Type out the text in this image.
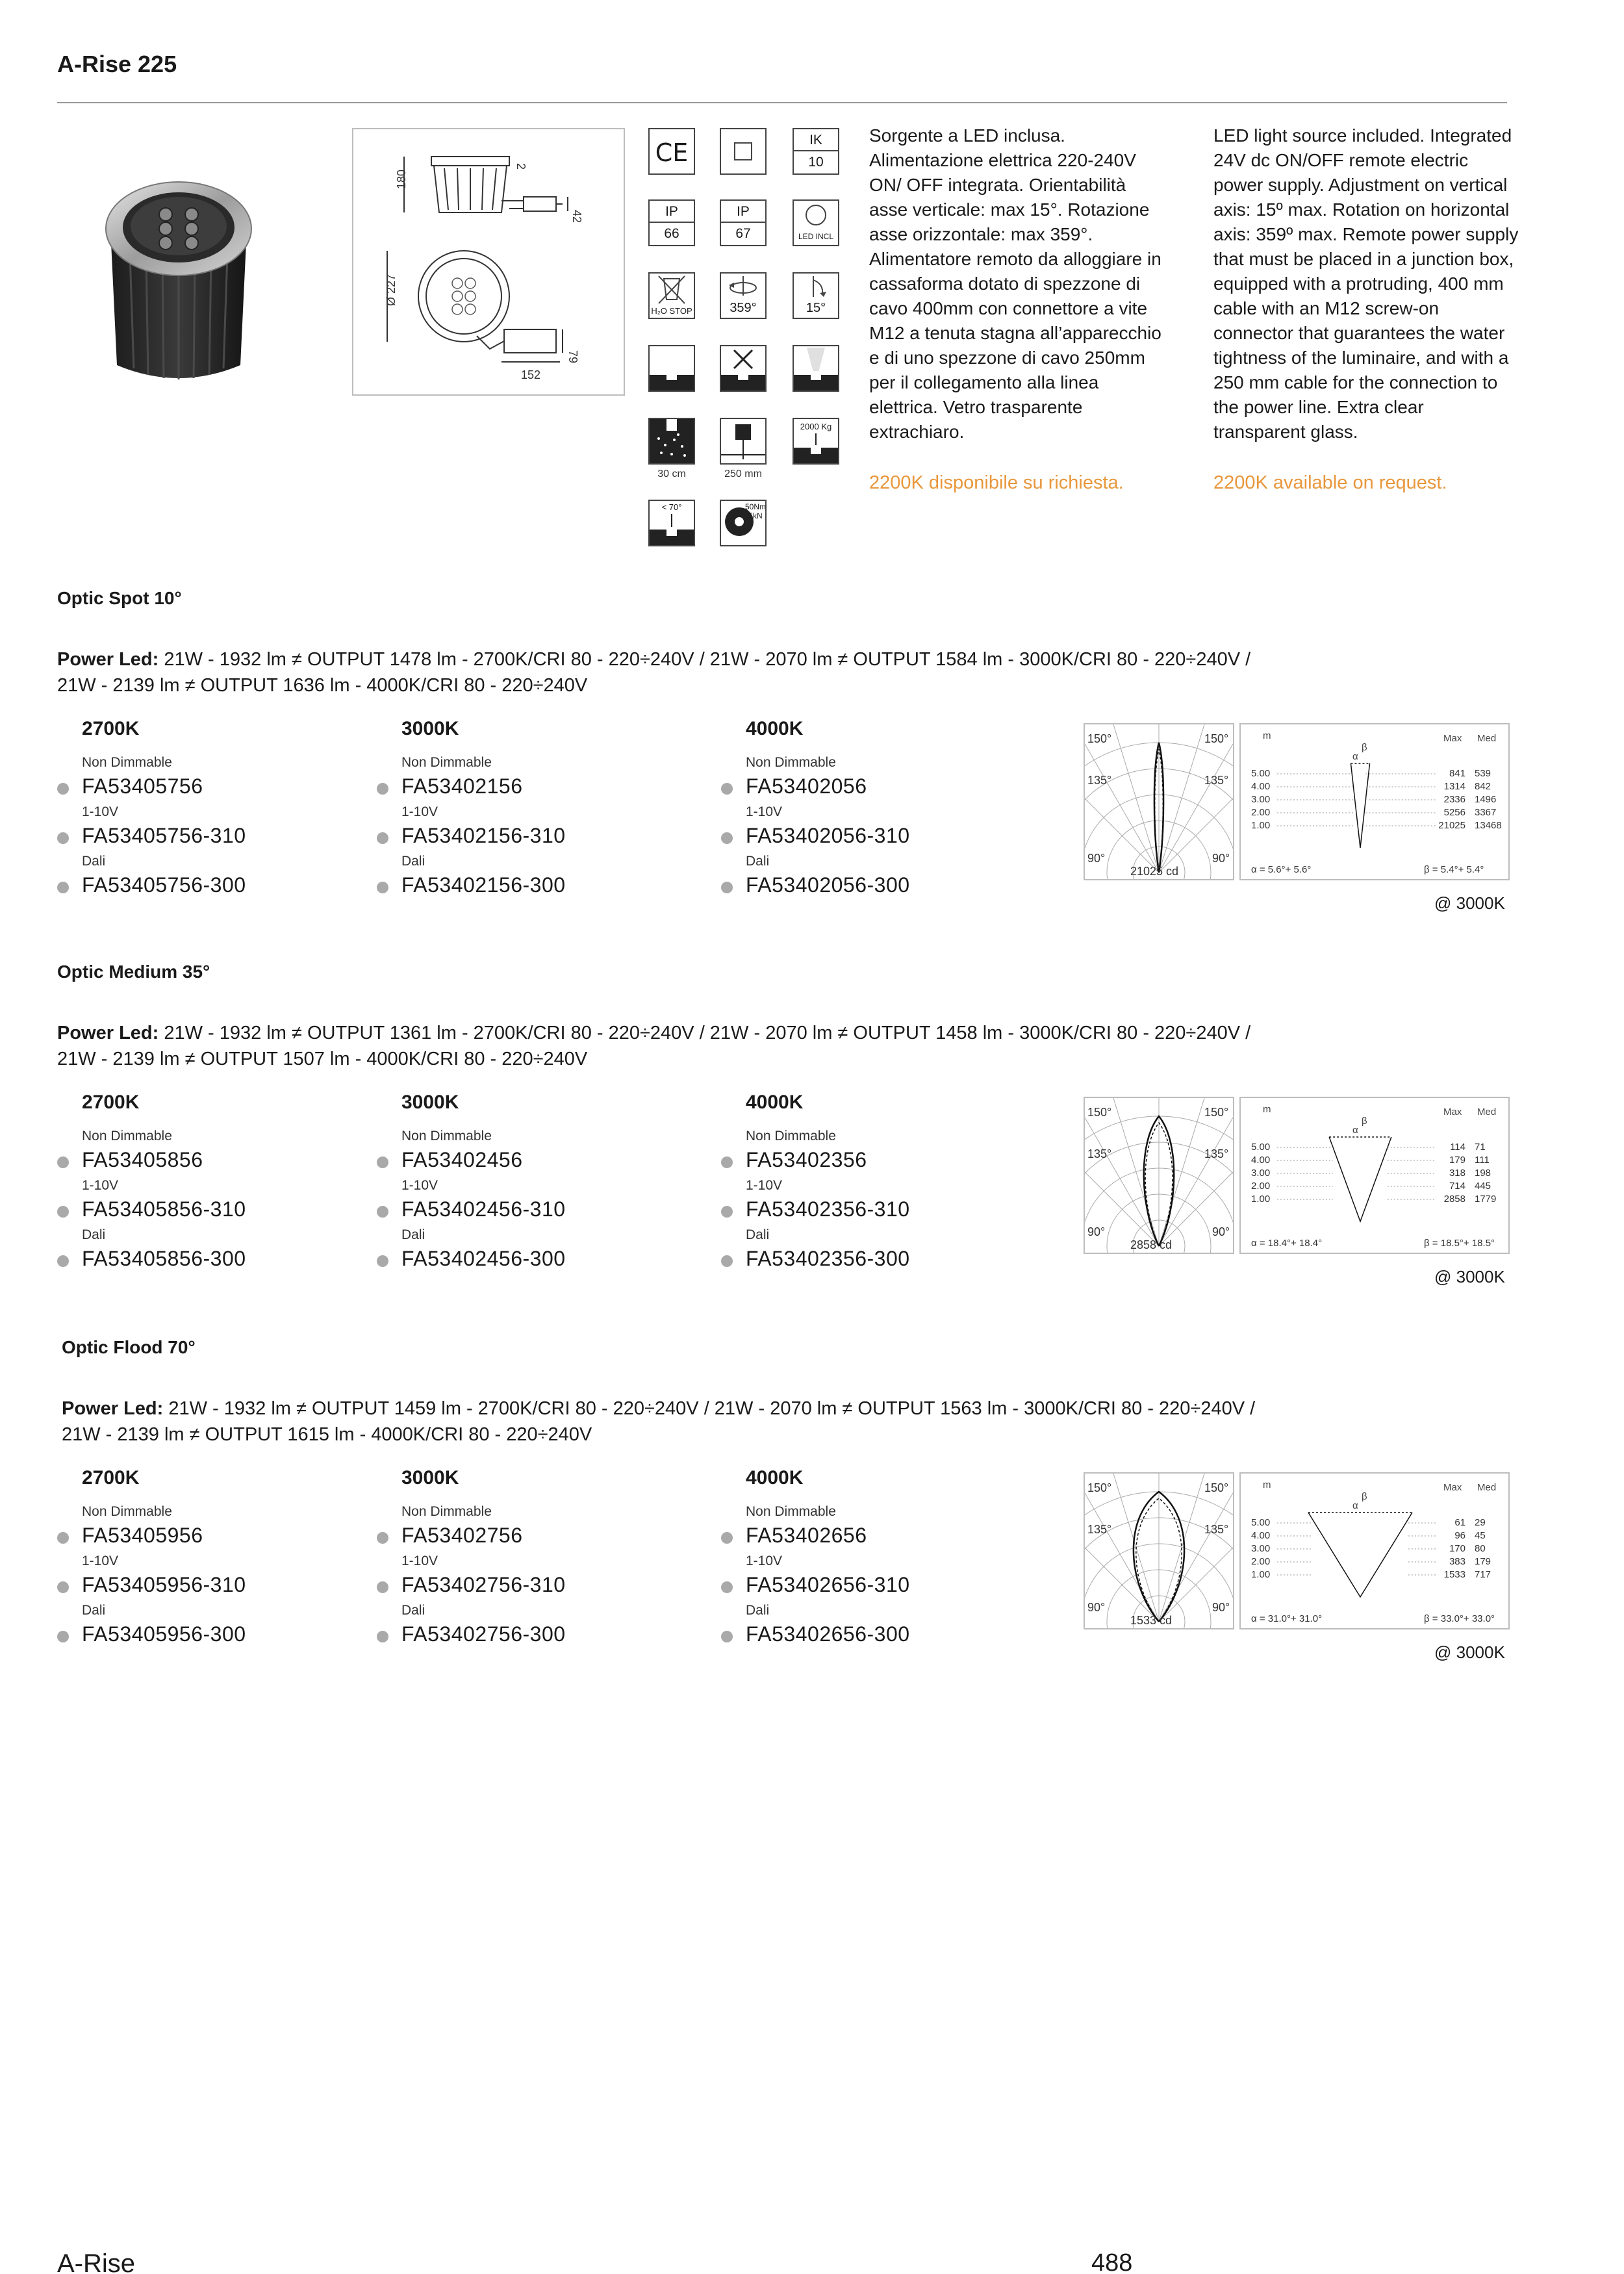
A-Rise 225
180
2
42
Ø 227
79
152
CE	IK
10
IP
66
IP
67	LED INCL
H₂O STOP	359°	15°
30 cm	250 mm
2000 Kg
< 70°	50Nm
5kN
Sorgente a LED inclusa. Alimentazione elettrica 220-240V ON/ OFF integrata. Orientabilità asse verticale: max 15°. Rotazione asse orizzontale: max 359°. Alimentatore remoto da alloggiare in cassaforma dotato di spezzone di cavo 400mm con connettore a vite M12 a tenuta stagna all’apparecchio e di uno spezzone di cavo 250mm per il collegamento alla linea elettrica. Vetro trasparente extrachiaro.
2200K disponibile su richiesta.
LED light source included. Integrated 24V dc ON/OFF remote electric power supply. Adjustment on vertical axis: 15º max. Rotation on horizontal axis: 359º max. Remote power supply that must be placed in a junction box, equipped with a protruding, 400 mm cable with an M12 screw-on connector that guarantees the water tightness of the luminaire, and with a 250 mm cable for the connection to the power line. Extra clear transparent glass.
2200K available on request.
Optic Spot 10°
Power Led: 21W - 1932 lm ≠ OUTPUT 1478 lm - 2700K/CRI 80 - 220÷240V / 21W - 2070 lm ≠ OUTPUT 1584 lm - 3000K/CRI 80 - 220÷240V /
21W - 2139 lm ≠ OUTPUT 1636 lm - 4000K/CRI 80 - 220÷240V
2700K
Non Dimmable
FA53405756
1-10V
FA53405756-310
Dali
FA53405756-300
3000K
Non Dimmable
FA53402156
1-10V
FA53402156-310
Dali
FA53402156-300
4000K
Non Dimmable
FA53402056
1-10V
FA53402056-310
Dali
FA53402056-300
150°	150°
135°	135°
90°	90°
21025 cd
m	Max Med
α
β
5.00	841 539
4.00	1314 842
3.00	2336 1496
2.00	5256 3367
1.00	21025 13468
α = 5.6°+ 5.6°	β = 5.4°+ 5.4°
@ 3000K
Optic Medium 35°
Power Led: 21W - 1932 lm ≠ OUTPUT 1361 lm - 2700K/CRI 80 - 220÷240V / 21W - 2070 lm ≠ OUTPUT 1458 lm - 3000K/CRI 80 - 220÷240V /
21W - 2139 lm ≠ OUTPUT 1507 lm - 4000K/CRI 80 - 220÷240V
2700K
Non Dimmable
FA53405856
1-10V
FA53405856-310
Dali
FA53405856-300
3000K
Non Dimmable
FA53402456
1-10V
FA53402456-310
Dali
FA53402456-300
4000K
Non Dimmable
FA53402356
1-10V
FA53402356-310
Dali
FA53402356-300
150°	150°
135°	135°
90°	90°
2858 cd
m	Max Med
α
β
5.00	114 71
4.00	179 111
3.00	318 198
2.00	714 445
1.00	2858 1779
α = 18.4°+ 18.4°	β = 18.5°+ 18.5°
@ 3000K
Optic Flood 70°
Power Led: 21W - 1932 lm ≠ OUTPUT 1459 lm - 2700K/CRI 80 - 220÷240V / 21W - 2070 lm ≠ OUTPUT 1563 lm - 3000K/CRI 80 - 220÷240V /
21W - 2139 lm ≠ OUTPUT 1615 lm - 4000K/CRI 80 - 220÷240V
2700K
Non Dimmable
FA53405956
1-10V
FA53405956-310
Dali
FA53405956-300
3000K
Non Dimmable
FA53402756
1-10V
FA53402756-310
Dali
FA53402756-300
4000K
Non Dimmable
FA53402656
1-10V
FA53402656-310
Dali
FA53402656-300
150°	150°
135°	135°
90°	90°
1533 cd
m	Max Med
α
β
5.00	61 29
4.00	96 45
3.00	170 80
2.00	383 179
1.00	1533 717
α = 31.0°+ 31.0°	β = 33.0°+ 33.0°
@ 3000K
A-Rise	488
